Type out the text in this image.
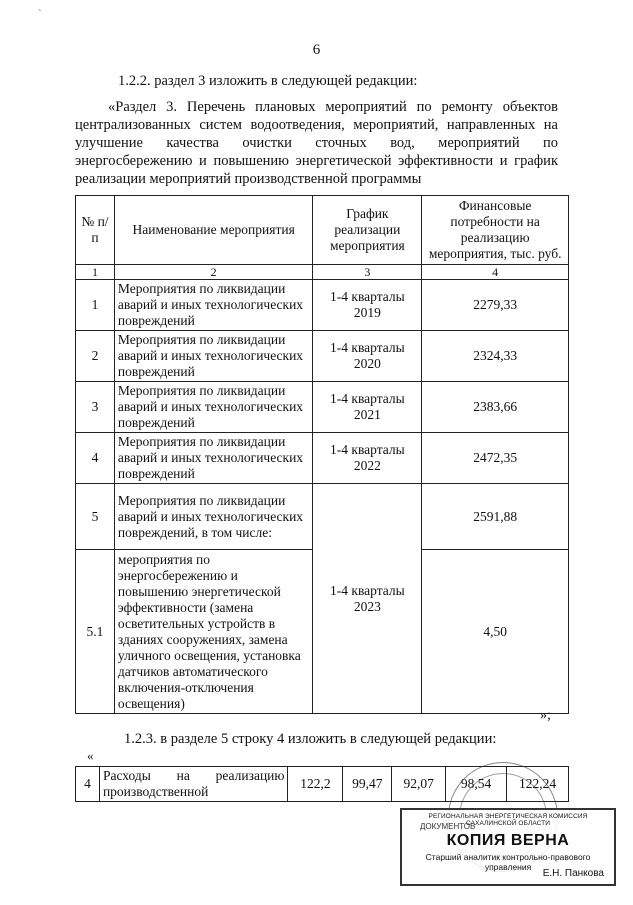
`
6
1.2.2. раздел 3 изложить в следующей редакции:
«Раздел 3. Перечень плановых мероприятий по ремонту объектов централизованных систем водоотведения, мероприятий, направленных на улучшение качества очистки сточных вод, мероприятий по энергосбережению и повышению энергетической эффективности и график реализации мероприятий производственной программы
№ п/п	Наименование мероприятия	График реализации мероприятия	Финансовые потребности на реализацию мероприятия, тыс. руб.
1	2	3	4
1	Мероприятия по ликвидации аварий и иных технологических повреждений	1-4 кварталы 2019	2279,33
2	Мероприятия по ликвидации аварий и иных технологических повреждений	1-4 кварталы 2020	2324,33
3	Мероприятия по ликвидации аварий и иных технологических повреждений	1-4 кварталы 2021	2383,66
4	Мероприятия по ликвидации аварий и иных технологических повреждений	1-4 кварталы 2022	2472,35
5	Мероприятия по ликвидации аварий и иных технологических повреждений, в том числе:	1-4 кварталы 2023	2591,88
5.1	мероприятия по энергосбережению и повышению энергетической эффективности (замена осветительных устройств в зданиях сооружениях, замена уличного освещения, установка датчиков автоматического включения-отключения освещения)		4,50
»;
1.2.3. в разделе 5 строку 4 изложить в следующей редакции:
«
4	Расходы на реализацию производственной	122,2	99,47	92,07	98,54	122,24
РЕГИОНАЛЬНАЯ ЭНЕРГЕТИЧЕСКАЯ КОМИССИЯ САХАЛИНСКОЙ ОБЛАСТИ
ДОКУМЕНТОВ
КОПИЯ ВЕРНА
Старший аналитик контрольно-правового управления
Е.Н. Панкова
